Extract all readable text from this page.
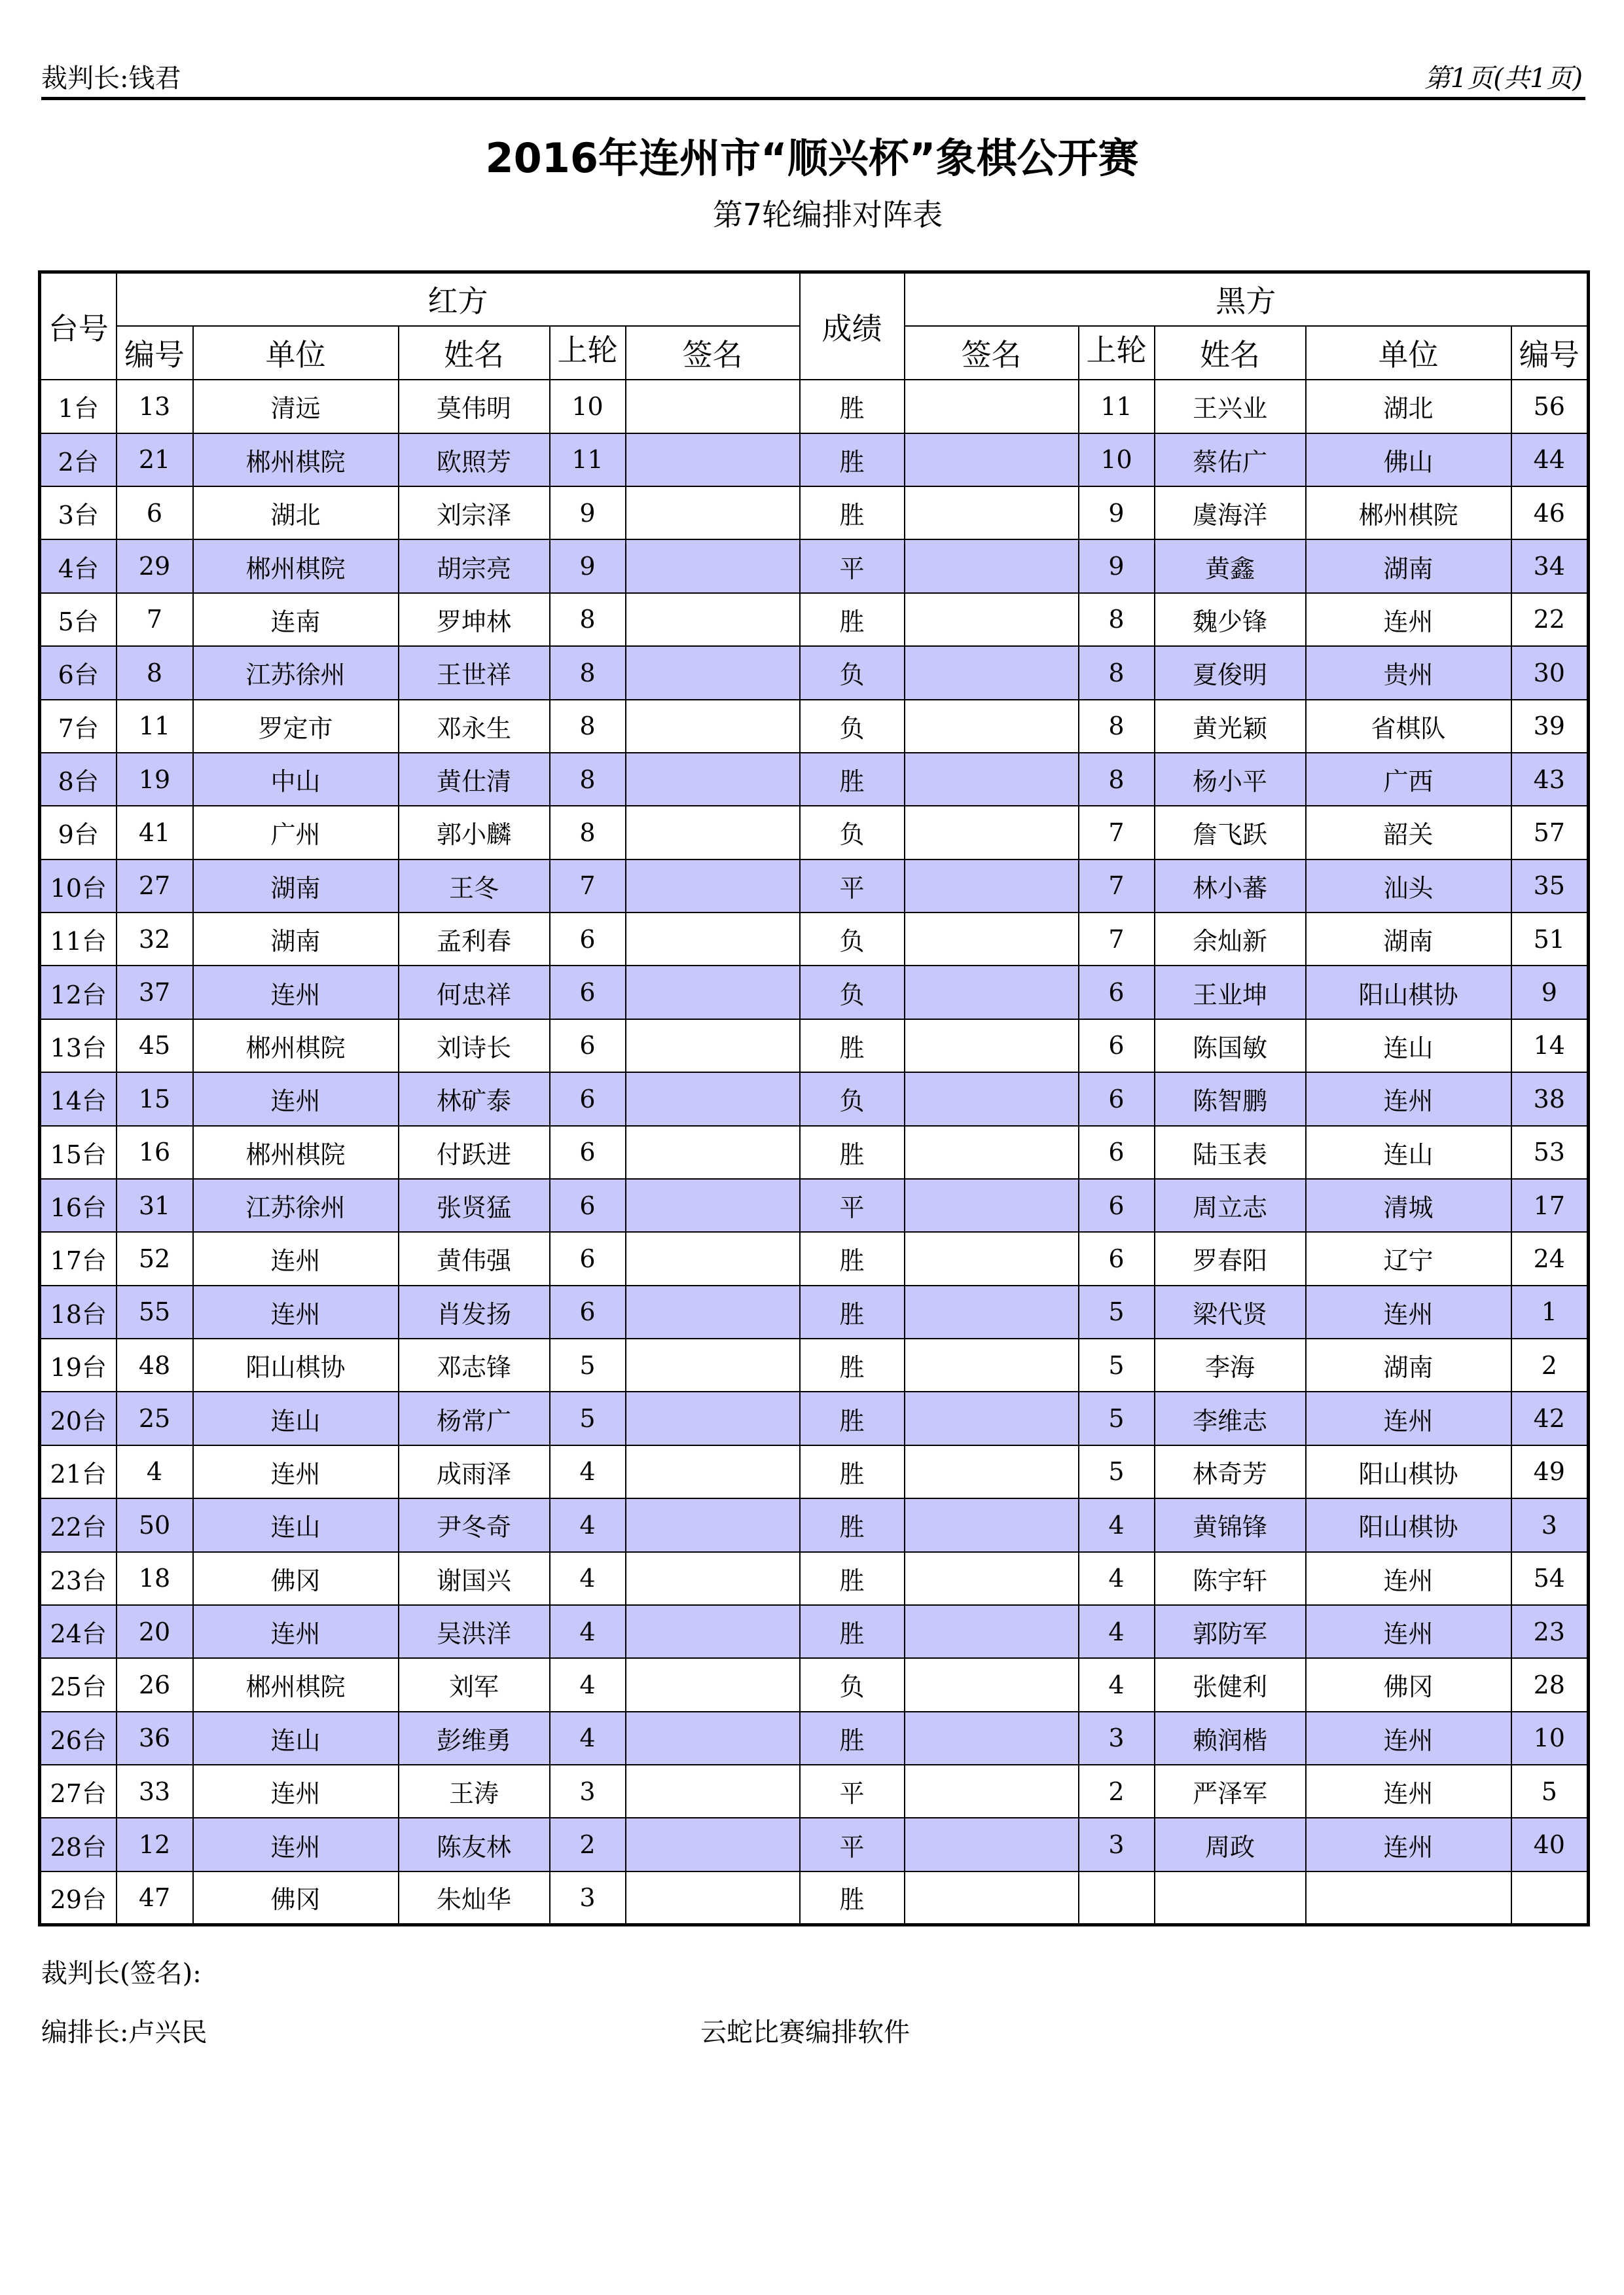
裁判长:钱君	第1页(共1页)
2016年连州市“顺兴杯”象棋公开赛
第7轮编排对阵表
台号	红方					成绩	黑方				
	编号	单位	姓名	上轮	签名		签名	上轮	姓名	单位	编号
1台	13	清远	莫伟明	10		胜		11	王兴业	湖北	56
2台	21	郴州棋院	欧照芳	11		胜		10	蔡佑广	佛山	44
3台	6	湖北	刘宗泽	9		胜		9	虞海洋	郴州棋院	46
4台	29	郴州棋院	胡宗亮	9		平		9	黄鑫	湖南	34
5台	7	连南	罗坤林	8		胜		8	魏少锋	连州	22
6台	8	江苏徐州	王世祥	8		负		8	夏俊明	贵州	30
7台	11	罗定市	邓永生	8		负		8	黄光颖	省棋队	39
8台	19	中山	黄仕清	8		胜		8	杨小平	广西	43
9台	41	广州	郭小麟	8		负		7	詹飞跃	韶关	57
10台	27	湖南	王冬	7		平		7	林小蕃	汕头	35
11台	32	湖南	孟利春	6		负		7	余灿新	湖南	51
12台	37	连州	何忠祥	6		负		6	王业坤	阳山棋协	9
13台	45	郴州棋院	刘诗长	6		胜		6	陈国敏	连山	14
14台	15	连州	林矿泰	6		负		6	陈智鹏	连州	38
15台	16	郴州棋院	付跃进	6		胜		6	陆玉表	连山	53
16台	31	江苏徐州	张贤猛	6		平		6	周立志	清城	17
17台	52	连州	黄伟强	6		胜		6	罗春阳	辽宁	24
18台	55	连州	肖发扬	6		胜		5	梁代贤	连州	1
19台	48	阳山棋协	邓志锋	5		胜		5	李海	湖南	2
20台	25	连山	杨常广	5		胜		5	李维志	连州	42
21台	4	连州	成雨泽	4		胜		5	林奇芳	阳山棋协	49
22台	50	连山	尹冬奇	4		胜		4	黄锦锋	阳山棋协	3
23台	18	佛冈	谢国兴	4		胜		4	陈宇轩	连州	54
24台	20	连州	吴洪洋	4		胜		4	郭防军	连州	23
25台	26	郴州棋院	刘军	4		负		4	张健利	佛冈	28
26台	36	连山	彭维勇	4		胜		3	赖润楷	连州	10
27台	33	连州	王涛	3		平		2	严泽军	连州	5
28台	12	连州	陈友林	2		平		3	周政	连州	40
29台	47	佛冈	朱灿华	3		胜					
裁判长(签名):
编排长:卢兴民	云蛇比赛编排软件
